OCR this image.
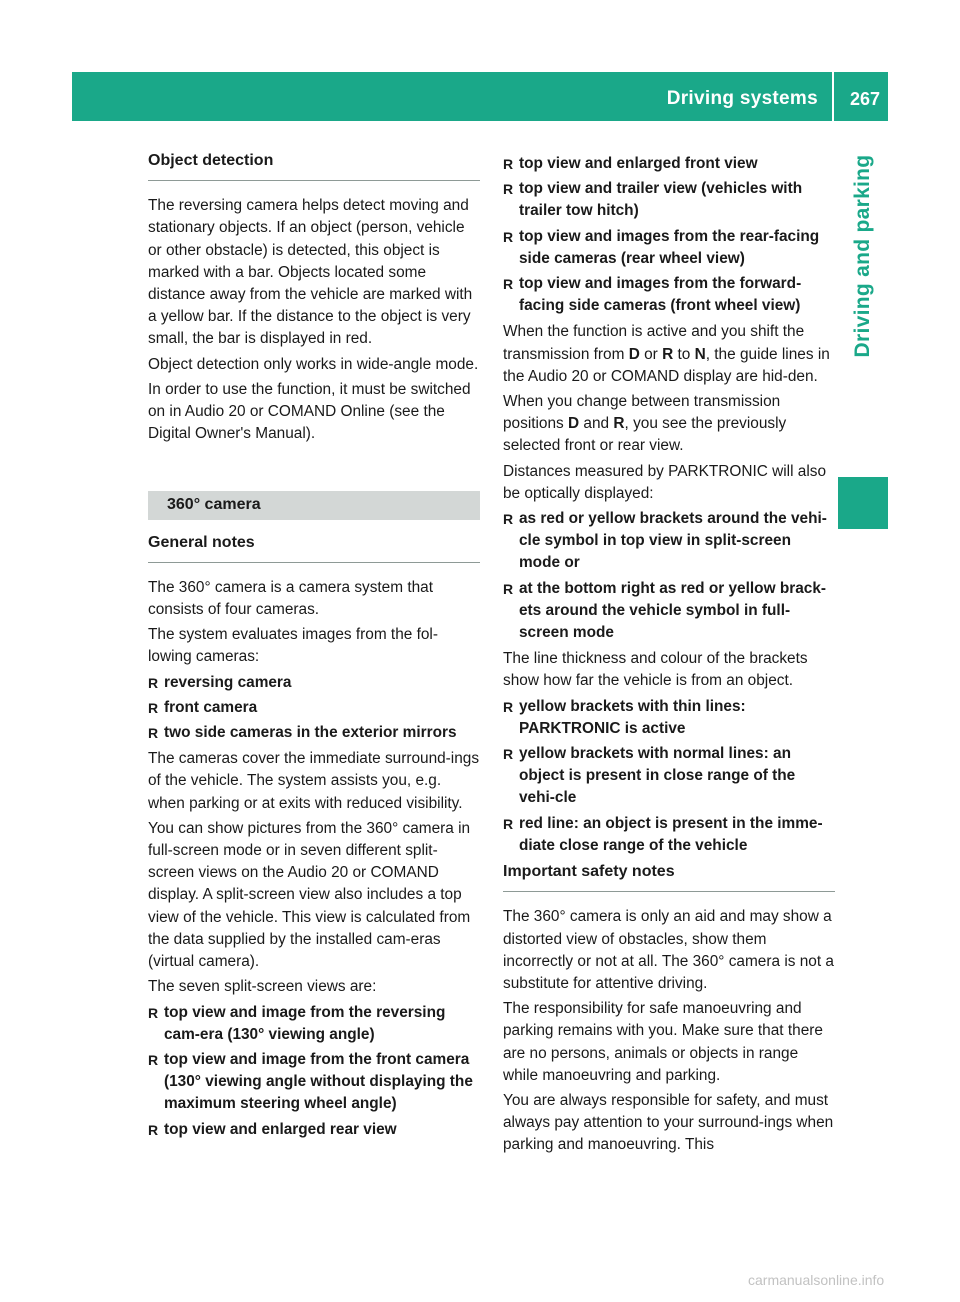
Driving systems 267
Driving and parking
Object detection

The reversing camera helps detect moving and stationary objects. If an object (person, vehicle or other obstacle) is detected, this object is marked with a bar. Objects located some distance away from the vehicle are marked with a yellow bar. If the distance to the object is very small, the bar is displayed in red.

Object detection only works in wide-angle mode.

In order to use the function, it must be switched on in Audio 20 or COMAND Online (see the Digital Owner's Manual).

360° camera
General notes

The 360° camera is a camera system that consists of four cameras.

The system evaluates images from the fol-lowing cameras:

R reversing camera
R front camera
R two side cameras in the exterior mirrors

The cameras cover the immediate surround-ings of the vehicle. The system assists you, e.g. when parking or at exits with reduced visibility.

You can show pictures from the 360° camera in full-screen mode or in seven different split-screen views on the Audio 20 or COMAND display. A split-screen view also includes a top view of the vehicle. This view is calculated from the data supplied by the installed cam-eras (virtual camera).

The seven split-screen views are:

R top view and image from the reversing cam-era (130° viewing angle)
R top view and image from the front camera (130° viewing angle without displaying the maximum steering wheel angle)
R top view and enlarged rear view
R top view and enlarged front view
R top view and trailer view (vehicles with trailer tow hitch)
R top view and images from the rear-facing side cameras (rear wheel view)
R top view and images from the forward-facing side cameras (front wheel view)

When the function is active and you shift the transmission from D or R to N, the guide lines in the Audio 20 or COMAND display are hid-den.

When you change between transmission positions D and R, you see the previously selected front or rear view.

Distances measured by PARKTRONIC will also be optically displayed:

R as red or yellow brackets around the vehi-cle symbol in top view in split-screen mode or
R at the bottom right as red or yellow brack-ets around the vehicle symbol in full-screen mode

The line thickness and colour of the brackets show how far the vehicle is from an object.

R yellow brackets with thin lines: PARKTRONIC is active
R yellow brackets with normal lines: an object is present in close range of the vehi-cle
R red line: an object is present in the imme-diate close range of the vehicle
Important safety notes

The 360° camera is only an aid and may show a distorted view of obstacles, show them incorrectly or not at all. The 360° camera is not a substitute for attentive driving.

The responsibility for safe manoeuvring and parking remains with you. Make sure that there are no persons, animals or objects in range while manoeuvring and parking.

You are always responsible for safety, and must always pay attention to your surround-ings when parking and manoeuvring. This

carmanualsonline.info
